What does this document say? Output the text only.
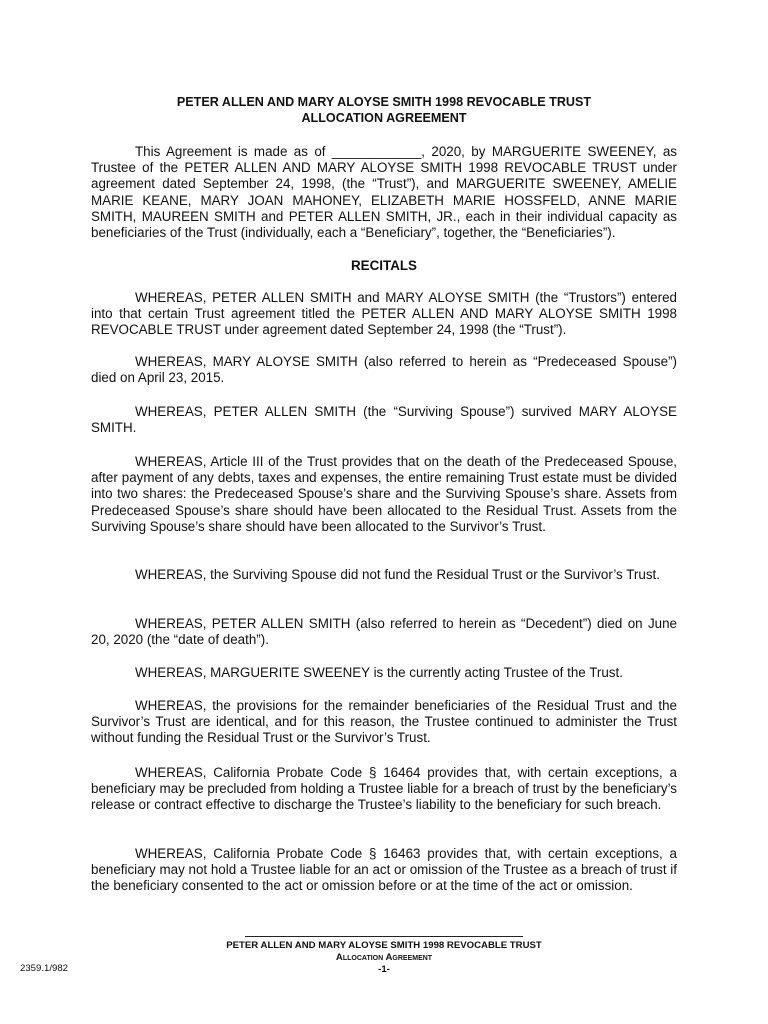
PETER ALLEN AND MARY ALOYSE SMITH 1998 REVOCABLE TRUST
ALLOCATION AGREEMENT

This Agreement is made as of ____________, 2020, by MARGUERITE SWEENEY, as Trustee of the PETER ALLEN AND MARY ALOYSE SMITH 1998 REVOCABLE TRUST under agreement dated September 24, 1998, (the “Trust”), and MARGUERITE SWEENEY, AMELIE MARIE KEANE, MARY JOAN MAHONEY, ELIZABETH MARIE HOSSFELD, ANNE MARIE SMITH, MAUREEN SMITH and PETER ALLEN SMITH, JR., each in their individual capacity as beneficiaries of the Trust (individually, each a “Beneficiary”, together, the “Beneficiaries”).

RECITALS

WHEREAS, PETER ALLEN SMITH and MARY ALOYSE SMITH (the “Trustors”) entered into that certain Trust agreement titled the PETER ALLEN AND MARY ALOYSE SMITH 1998 REVOCABLE TRUST under agreement dated September 24, 1998 (the “Trust”).

WHEREAS, MARY ALOYSE SMITH (also referred to herein as “Predeceased Spouse”) died on April 23, 2015.

WHEREAS, PETER ALLEN SMITH (the “Surviving Spouse”) survived MARY ALOYSE SMITH.

WHEREAS, Article III of the Trust provides that on the death of the Predeceased Spouse, after payment of any debts, taxes and expenses, the entire remaining Trust estate must be divided into two shares: the Predeceased Spouse’s share and the Surviving Spouse’s share. Assets from Predeceased Spouse’s share should have been allocated to the Residual Trust. Assets from the Surviving Spouse’s share should have been allocated to the Survivor’s Trust.

WHEREAS, the Surviving Spouse did not fund the Residual Trust or the Survivor’s Trust.

WHEREAS, PETER ALLEN SMITH (also referred to herein as “Decedent”) died on June 20, 2020 (the “date of death”).

WHEREAS, MARGUERITE SWEENEY is the currently acting Trustee of the Trust.

WHEREAS, the provisions for the remainder beneficiaries of the Residual Trust and the Survivor’s Trust are identical, and for this reason, the Trustee continued to administer the Trust without funding the Residual Trust or the Survivor’s Trust.

WHEREAS, California Probate Code § 16464 provides that, with certain exceptions, a beneficiary may be precluded from holding a Trustee liable for a breach of trust by the beneficiary’s release or contract effective to discharge the Trustee’s liability to the beneficiary for such breach.

WHEREAS, California Probate Code § 16463 provides that, with certain exceptions, a beneficiary may not hold a Trustee liable for an act or omission of the Trustee as a breach of trust if the beneficiary consented to the act or omission before or at the time of the act or omission.

PETER ALLEN AND MARY ALOYSE SMITH 1998 REVOCABLE TRUST
Allocation Agreement
-1-
2359.1/982
